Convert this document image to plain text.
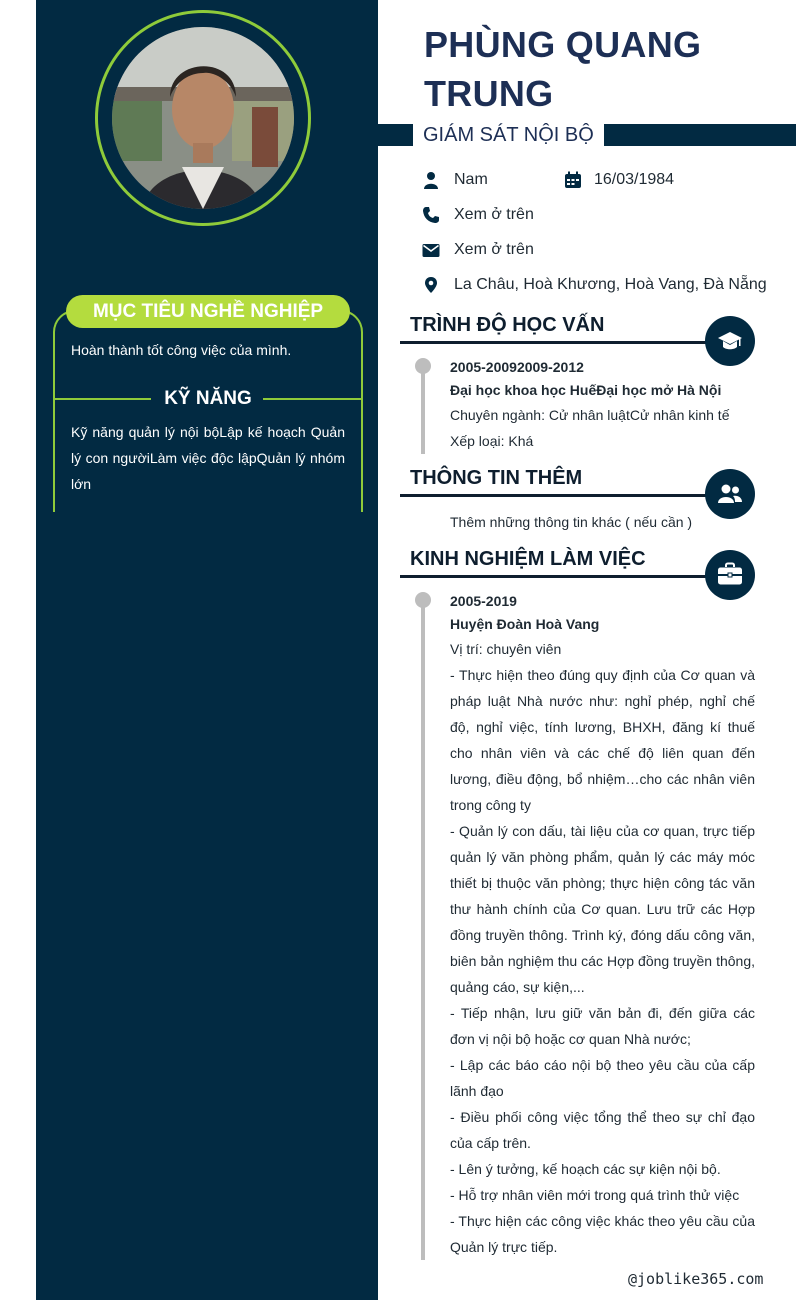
MỤC TIÊU NGHỀ NGHIỆP
Hoàn thành tốt công việc của mình.
KỸ NĂNG
Kỹ năng quản lý nội bộLập kế hoạch Quản lý con ngườiLàm việc độc lậpQuản lý nhóm lớn
PHÙNG QUANG TRUNG
GIÁM SÁT NỘI BỘ
Nam	16/03/1984
Xem ở trên
Xem ở trên
La Châu, Hoà Khương, Hoà Vang, Đà Nẵng
TRÌNH ĐỘ HỌC VẤN
2005-20092009-2012
Đại học khoa học HuếĐại học mở Hà Nội
Chuyên ngành: Cử nhân luậtCử nhân kinh tế
Xếp loại: Khá
THÔNG TIN THÊM
Thêm những thông tin khác ( nếu cần )
KINH NGHIỆM LÀM VIỆC
2005-2019
Huyện Đoàn Hoà Vang
Vị trí: chuyên viên
- Thực hiện theo đúng quy định của Cơ quan và pháp luật Nhà nước như: nghỉ phép, nghỉ chế độ, nghỉ việc, tính lương, BHXH, đăng kí thuế cho nhân viên và các chế độ liên quan đến lương, điều động, bổ nhiệm…cho các nhân viên trong công ty
- Quản lý con dấu, tài liệu của cơ quan, trực tiếp quản lý văn phòng phẩm, quản lý các máy móc thiết bị thuộc văn phòng; thực hiện công tác văn thư hành chính của Cơ quan. Lưu trữ các Hợp đồng truyền thông. Trình ký, đóng dấu công văn, biên bản nghiệm thu các Hợp đồng truyền thông, quảng cáo, sự kiện,...
- Tiếp nhận, lưu giữ văn bản đi, đến giữa các đơn vị nội bộ hoặc cơ quan Nhà nước;
- Lập các báo cáo nội bộ theo yêu cầu của cấp lãnh đạo
- Điều phối công việc tổng thể theo sự chỉ đạo của cấp trên.
- Lên ý tưởng, kế hoạch các sự kiện nội bộ.
- Hỗ trợ nhân viên mới trong quá trình thử việc
- Thực hiện các công việc khác theo yêu cầu của Quản lý trực tiếp.
@joblike365.com
